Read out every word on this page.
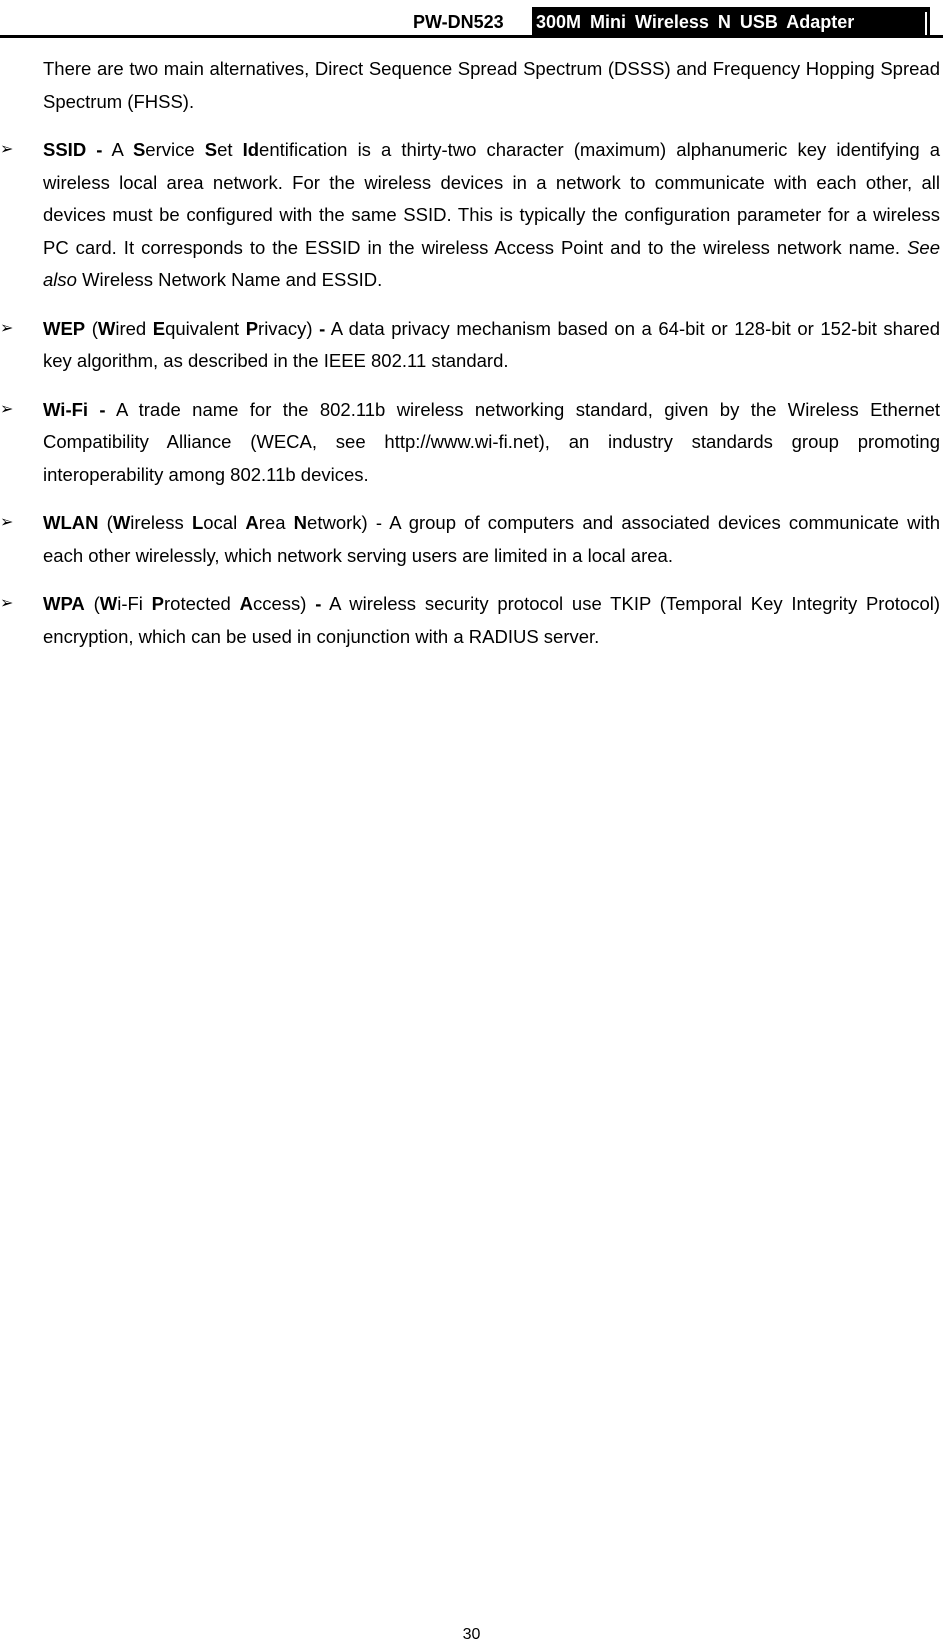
PW-DN523 300M Mini Wireless N USB Adapter

There are two main alternatives, Direct Sequence Spread Spectrum (DSSS) and Frequency Hopping Spread Spectrum (FHSS).

➢	SSID - A Service Set Identification is a thirty-two character (maximum) alphanumeric key identifying a wireless local area network. For the wireless devices in a network to communicate with each other, all devices must be configured with the same SSID. This is typically the configuration parameter for a wireless PC card. It corresponds to the ESSID in the wireless Access Point and to the wireless network name. See also Wireless Network Name and ESSID.

➢	WEP (Wired Equivalent Privacy) - A data privacy mechanism based on a 64-bit or 128-bit or 152-bit shared key algorithm, as described in the IEEE 802.11 standard.

➢	Wi-Fi - A trade name for the 802.11b wireless networking standard, given by the Wireless Ethernet Compatibility Alliance (WECA, see http://www.wi-fi.net), an industry standards group promoting interoperability among 802.11b devices.

➢	WLAN (Wireless Local Area Network) - A group of computers and associated devices communicate with each other wirelessly, which network serving users are limited in a local area.

➢	WPA (Wi-Fi Protected Access) - A wireless security protocol use TKIP (Temporal Key Integrity Protocol) encryption, which can be used in conjunction with a RADIUS server.

30
